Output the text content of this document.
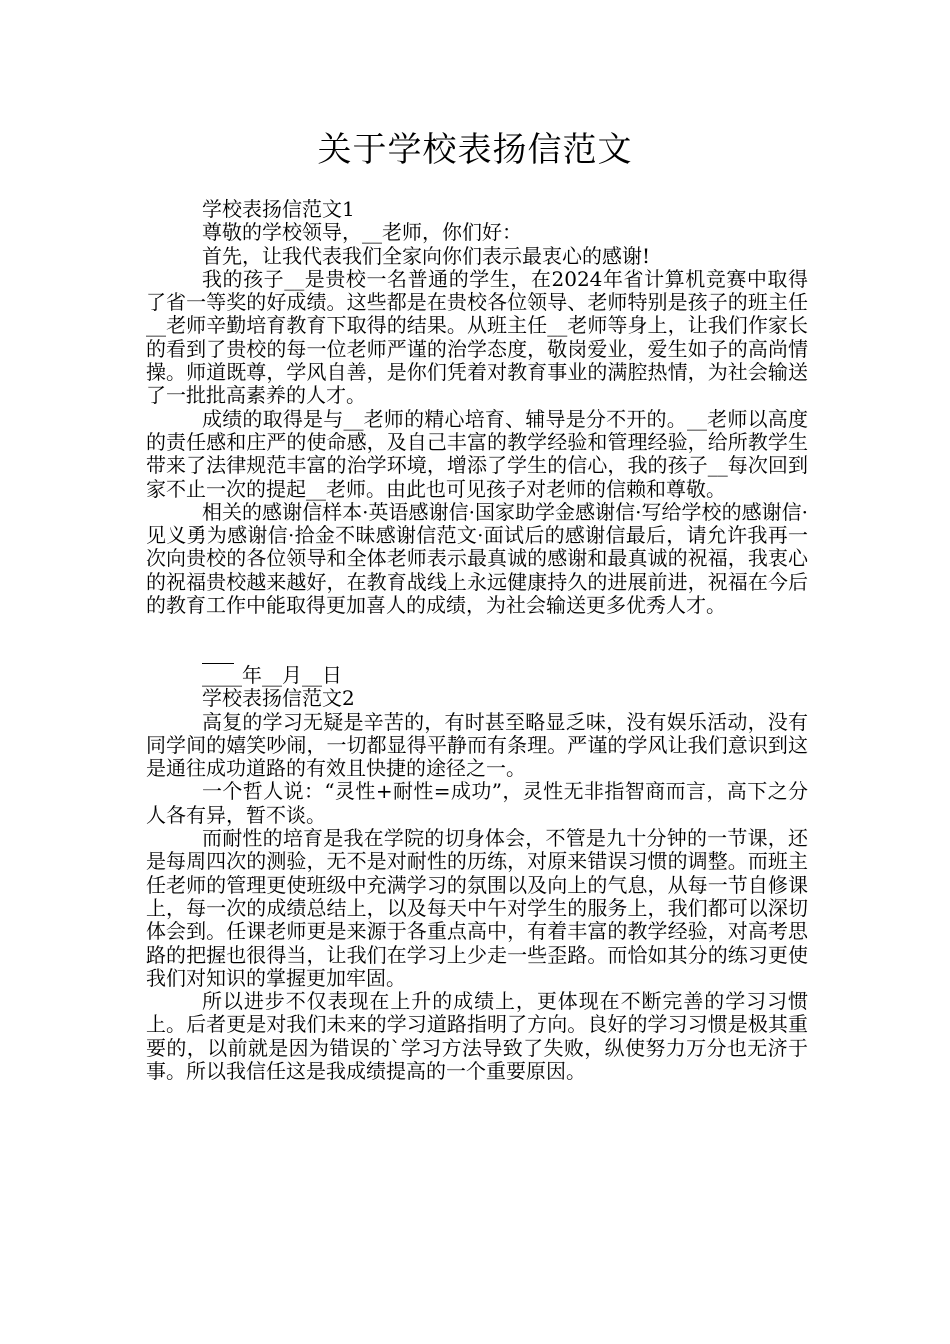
关于学校表扬信范文

学校表扬信范文1

尊敬的学校领导，__老师，你们好：

首先，让我代表我们全家向你们表示最衷心的感谢!

我的孩子__是贵校一名普通的学生，在2024年省计算机竞赛中取得了省一等奖的好成绩。这些都是在贵校各位领导、老师特别是孩子的班主任__老师辛勤培育教育下取得的结果。从班主任__老师等身上，让我们作家长的看到了贵校的每一位老师严谨的治学态度，敬岗爱业，爱生如子的高尚情操。师道既尊，学风自善，是你们凭着对教育事业的满腔热情，为社会输送了一批批高素养的人才。

成绩的取得是与__老师的精心培育、辅导是分不开的。__老师以高度的责任感和庄严的使命感，及自己丰富的教学经验和管理经验，给所教学生带来了法律规范丰富的治学环境，增添了学生的信心，我的孩子__每次回到家不止一次的提起__老师。由此也可见孩子对老师的信赖和尊敬。

相关的感谢信样本·英语感谢信·国家助学金感谢信·写给学校的感谢信·见义勇为感谢信·拾金不昧感谢信范文·面试后的感谢信最后，请允许我再一次向贵校的各位领导和全体老师表示最真诚的感谢和最真诚的祝福，我衷心的祝福贵校越来越好，在教育战线上永远健康持久的进展前进，祝福在今后的教育工作中能取得更加喜人的成绩，为社会输送更多优秀人才。

____年__月__日

学校表扬信范文2

高复的学习无疑是辛苦的，有时甚至略显乏味，没有娱乐活动，没有同学间的嬉笑吵闹，一切都显得平静而有条理。严谨的学风让我们意识到这是通往成功道路的有效且快捷的途径之一。

一个哲人说：“灵性+耐性=成功”，灵性无非指智商而言，高下之分人各有异，暂不谈。

而耐性的培育是我在学院的切身体会，不管是九十分钟的一节课，还是每周四次的测验，无不是对耐性的历练，对原来错误习惯的调整。而班主任老师的管理更使班级中充满学习的氛围以及向上的气息，从每一节自修课上，每一次的成绩总结上，以及每天中午对学生的服务上，我们都可以深切体会到。任课老师更是来源于各重点高中，有着丰富的教学经验，对高考思路的把握也很得当，让我们在学习上少走一些歪路。而恰如其分的练习更使我们对知识的掌握更加牢固。

所以进步不仅表现在上升的成绩上，更体现在不断完善的学习习惯上。后者更是对我们未来的学习道路指明了方向。良好的学习习惯是极其重要的，以前就是因为错误的`学习方法导致了失败，纵使努力万分也无济于事。所以我信任这是我成绩提高的一个重要原因。
